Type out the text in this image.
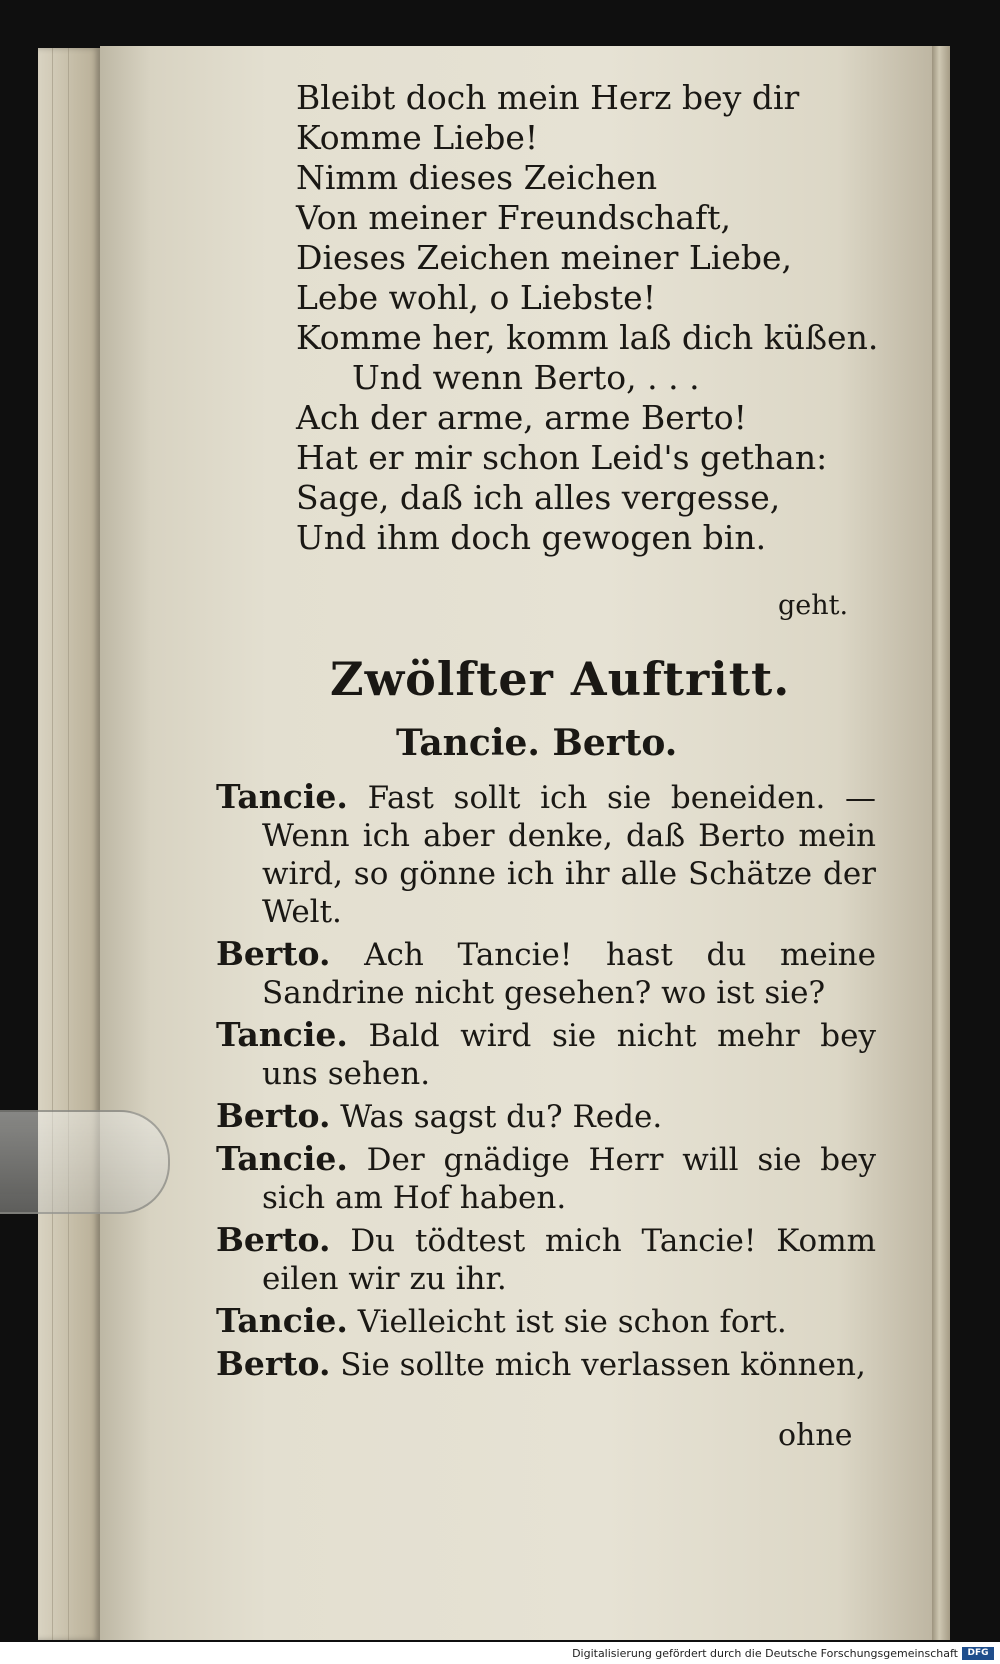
Bleibt doch mein Herz bey dir
Komme Liebe!
Nimm dieses Zeichen
Von meiner Freundschaft,
Dieses Zeichen meiner Liebe,
Lebe wohl, o Liebste!
Komme her, komm laß dich küßen.
Und wenn Berto, . . .
Ach der arme, arme Berto!
Hat er mir schon Leid's gethan:
Sage, daß ich alles vergesse,
Und ihm doch gewogen bin.
geht.
Zwölfter Auftritt.
Tancie. Berto.

Tancie. Fast sollt ich sie beneiden. — Wenn ich aber denke, daß Berto mein wird, so gönne ich ihr alle Schätze der Welt.

Berto. Ach Tancie! hast du meine Sandrine nicht gesehen? wo ist sie?

Tancie. Bald wird sie nicht mehr bey uns sehen.

Berto. Was sagst du? Rede.

Tancie. Der gnädige Herr will sie bey sich am Hof haben.

Berto. Du tödtest mich Tancie! Komm eilen wir zu ihr.

Tancie. Vielleicht ist sie schon fort.

Berto. Sie sollte mich verlassen können,

ohne
Digitalisierung gefördert durch die Deutsche Forschungsgemeinschaft	DFG
